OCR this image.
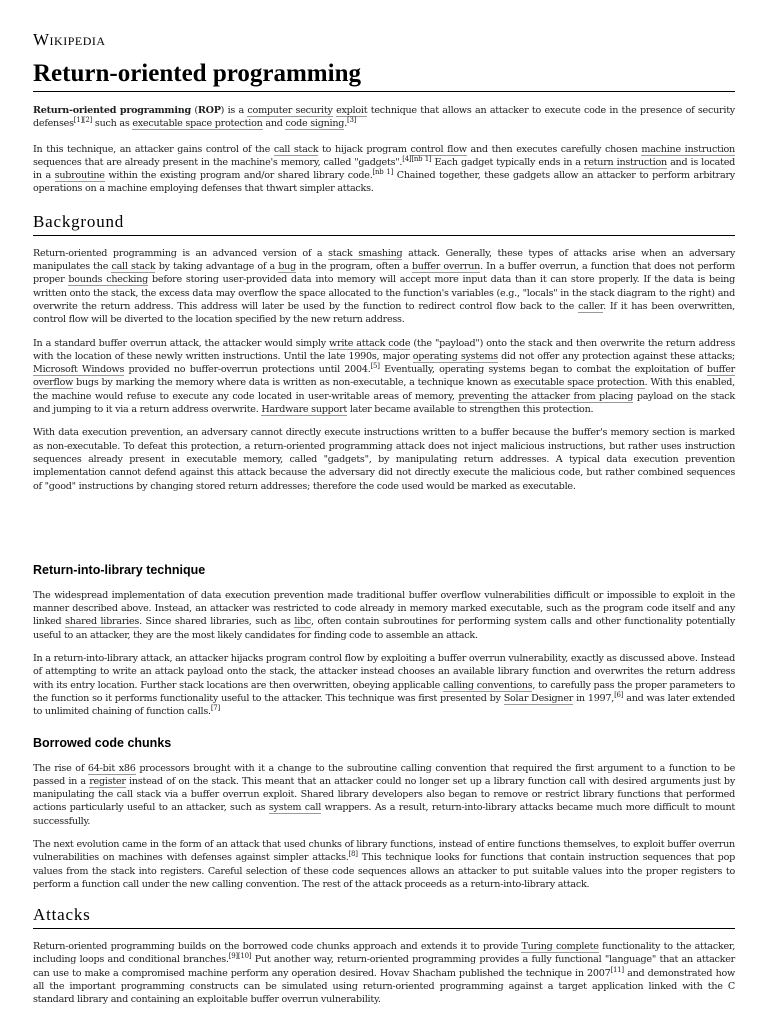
Wikipedia
Return-oriented programming

Return-oriented programming (ROP) is a computer security exploit technique that allows an attacker to execute code in the presence of security defenses[1][2] such as executable space protection and code signing.[3]

In this technique, an attacker gains control of the call stack to hijack program control flow and then executes carefully chosen machine instruction sequences that are already present in the machine's memory, called "gadgets".[4][nb 1] Each gadget typically ends in a return instruction and is located in a subroutine within the existing program and/or shared library code.[nb 1] Chained together, these gadgets allow an attacker to perform arbitrary operations on a machine employing defenses that thwart simpler attacks.

Background

Return-oriented programming is an advanced version of a stack smashing attack. Generally, these types of attacks arise when an adversary manipulates the call stack by taking advantage of a bug in the program, often a buffer overrun. In a buffer overrun, a function that does not perform proper bounds checking before storing user-provided data into memory will accept more input data than it can store properly. If the data is being written onto the stack, the excess data may overflow the space allocated to the function's variables (e.g., "locals" in the stack diagram to the right) and overwrite the return address. This address will later be used by the function to redirect control flow back to the caller. If it has been overwritten, control flow will be diverted to the location specified by the new return address.

In a standard buffer overrun attack, the attacker would simply write attack code (the "payload") onto the stack and then overwrite the return address with the location of these newly written instructions. Until the late 1990s, major operating systems did not offer any protection against these attacks; Microsoft Windows provided no buffer-overrun protections until 2004.[5] Eventually, operating systems began to combat the exploitation of buffer overflow bugs by marking the memory where data is written as non-executable, a technique known as executable space protection. With this enabled, the machine would refuse to execute any code located in user-writable areas of memory, preventing the attacker from placing payload on the stack and jumping to it via a return address overwrite. Hardware support later became available to strengthen this protection.

With data execution prevention, an adversary cannot directly execute instructions written to a buffer because the buffer's memory section is marked as non-executable. To defeat this protection, a return-oriented programming attack does not inject malicious instructions, but rather uses instruction sequences already present in executable memory, called "gadgets", by manipulating return addresses. A typical data execution prevention implementation cannot defend against this attack because the adversary did not directly execute the malicious code, but rather combined sequences of "good" instructions by changing stored return addresses; therefore the code used would be marked as executable.

Return-into-library technique

The widespread implementation of data execution prevention made traditional buffer overflow vulnerabilities difficult or impossible to exploit in the manner described above. Instead, an attacker was restricted to code already in memory marked executable, such as the program code itself and any linked shared libraries. Since shared libraries, such as libc, often contain subroutines for performing system calls and other functionality potentially useful to an attacker, they are the most likely candidates for finding code to assemble an attack.

In a return-into-library attack, an attacker hijacks program control flow by exploiting a buffer overrun vulnerability, exactly as discussed above. Instead of attempting to write an attack payload onto the stack, the attacker instead chooses an available library function and overwrites the return address with its entry location. Further stack locations are then overwritten, obeying applicable calling conventions, to carefully pass the proper parameters to the function so it performs functionality useful to the attacker. This technique was first presented by Solar Designer in 1997,[6] and was later extended to unlimited chaining of function calls.[7]

Borrowed code chunks

The rise of 64-bit x86 processors brought with it a change to the subroutine calling convention that required the first argument to a function to be passed in a register instead of on the stack. This meant that an attacker could no longer set up a library function call with desired arguments just by manipulating the call stack via a buffer overrun exploit. Shared library developers also began to remove or restrict library functions that performed actions particularly useful to an attacker, such as system call wrappers. As a result, return-into-library attacks became much more difficult to mount successfully.

The next evolution came in the form of an attack that used chunks of library functions, instead of entire functions themselves, to exploit buffer overrun vulnerabilities on machines with defenses against simpler attacks.[8] This technique looks for functions that contain instruction sequences that pop values from the stack into registers. Careful selection of these code sequences allows an attacker to put suitable values into the proper registers to perform a function call under the new calling convention. The rest of the attack proceeds as a return-into-library attack.

Attacks

Return-oriented programming builds on the borrowed code chunks approach and extends it to provide Turing complete functionality to the attacker, including loops and conditional branches.[9][10] Put another way, return-oriented programming provides a fully functional "language" that an attacker can use to make a compromised machine perform any operation desired. Hovav Shacham published the technique in 2007[11] and demonstrated how all the important programming constructs can be simulated using return-oriented programming against a target application linked with the C standard library and containing an exploitable buffer overrun vulnerability.
